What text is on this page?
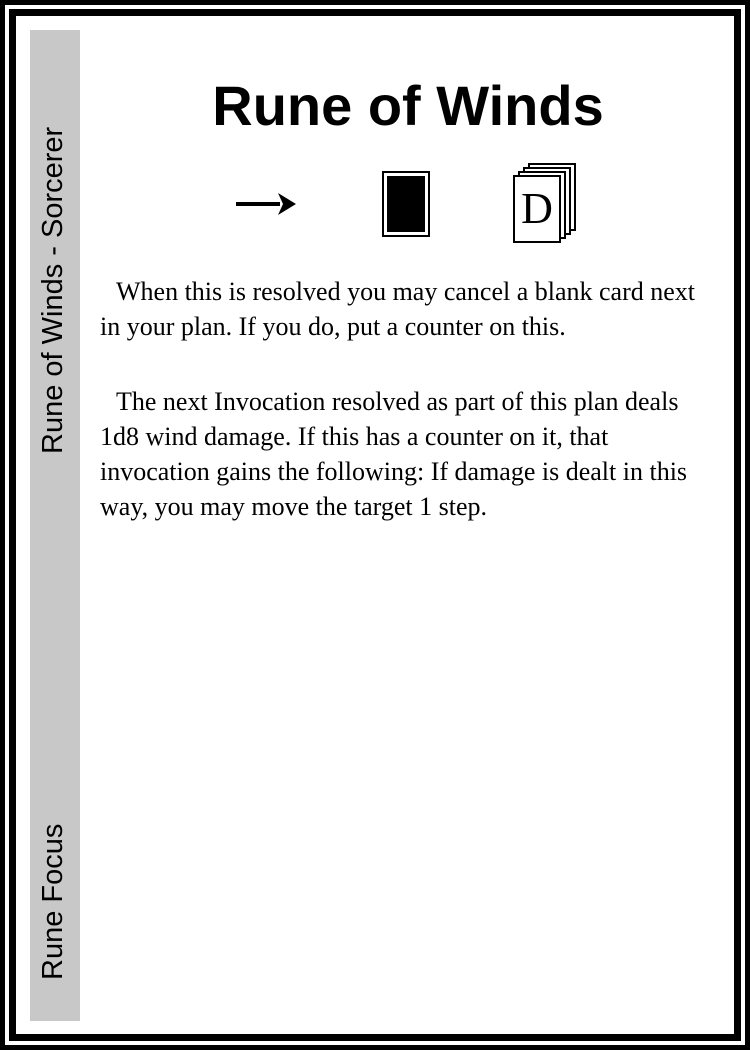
Rune of Winds - Sorcerer
Rune Focus
Rune of Winds
D

When this is resolved you may cancel a blank card next in your plan. If you do, put a counter on this.

The next Invocation resolved as part of this plan deals 1d8 wind damage. If this has a counter on it, that invocation gains the following: If damage is dealt in this way, you may move the target 1 step.
